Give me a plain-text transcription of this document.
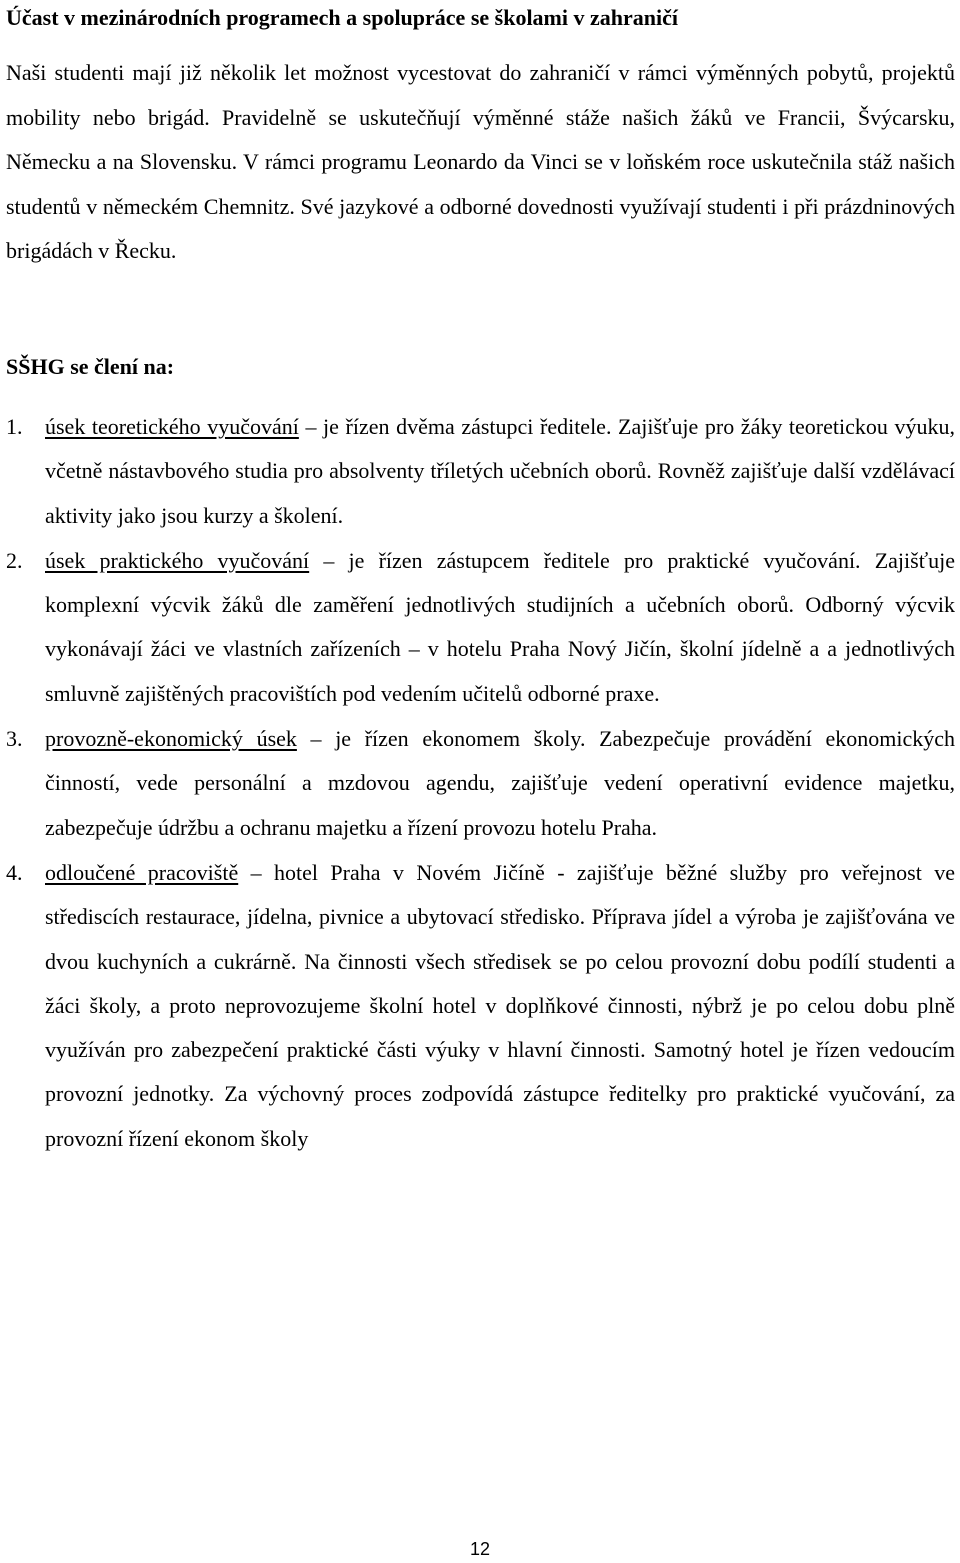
Účast v mezinárodních programech a spolupráce se školami v zahraničí

Naši studenti mají již několik let možnost vycestovat do zahraničí v rámci výměnných pobytů, projektů mobility nebo brigád. Pravidelně se uskutečňují výměnné stáže našich žáků ve Francii, Švýcarsku, Německu a na Slovensku. V rámci programu Leonardo da Vinci se v loňském roce uskutečnila stáž našich studentů v německém Chemnitz. Své jazykové a odborné dovednosti využívají studenti i při prázdninových brigádách v Řecku.

SŠHG se člení na:
1. úsek teoretického vyučování – je řízen dvěma zástupci ředitele. Zajišťuje pro žáky teoretickou výuku, včetně nástavbového studia pro absolventy tříletých učebních oborů. Rovněž zajišťuje další vzdělávací aktivity jako jsou kurzy a školení.
2. úsek praktického vyučování – je řízen zástupcem ředitele pro praktické vyučování. Zajišťuje komplexní výcvik žáků dle zaměření jednotlivých studijních a učebních oborů. Odborný výcvik vykonávají žáci ve vlastních zařízeních – v hotelu Praha Nový Jičín, školní jídelně a a jednotlivých smluvně zajištěných pracovištích pod vedením učitelů odborné praxe.
3. provozně-ekonomický úsek – je řízen ekonomem školy. Zabezpečuje provádění ekonomických činností, vede personální a mzdovou agendu, zajišťuje vedení operativní evidence majetku, zabezpečuje údržbu a ochranu majetku a řízení provozu hotelu Praha.
4. odloučené pracoviště – hotel Praha v Novém Jičíně - zajišťuje běžné služby pro veřejnost ve střediscích restaurace, jídelna, pivnice a ubytovací středisko. Příprava jídel a výroba je zajišťována ve dvou kuchyních a cukrárně. Na činnosti všech středisek se po celou provozní dobu podílí studenti a žáci školy, a proto neprovozujeme školní hotel v doplňkové činnosti, nýbrž je po celou dobu plně využíván pro zabezpečení praktické části výuky v hlavní činnosti. Samotný hotel je řízen vedoucím provozní jednotky. Za výchovný proces zodpovídá zástupce ředitelky pro praktické vyučování, za provozní řízení ekonom školy
12
